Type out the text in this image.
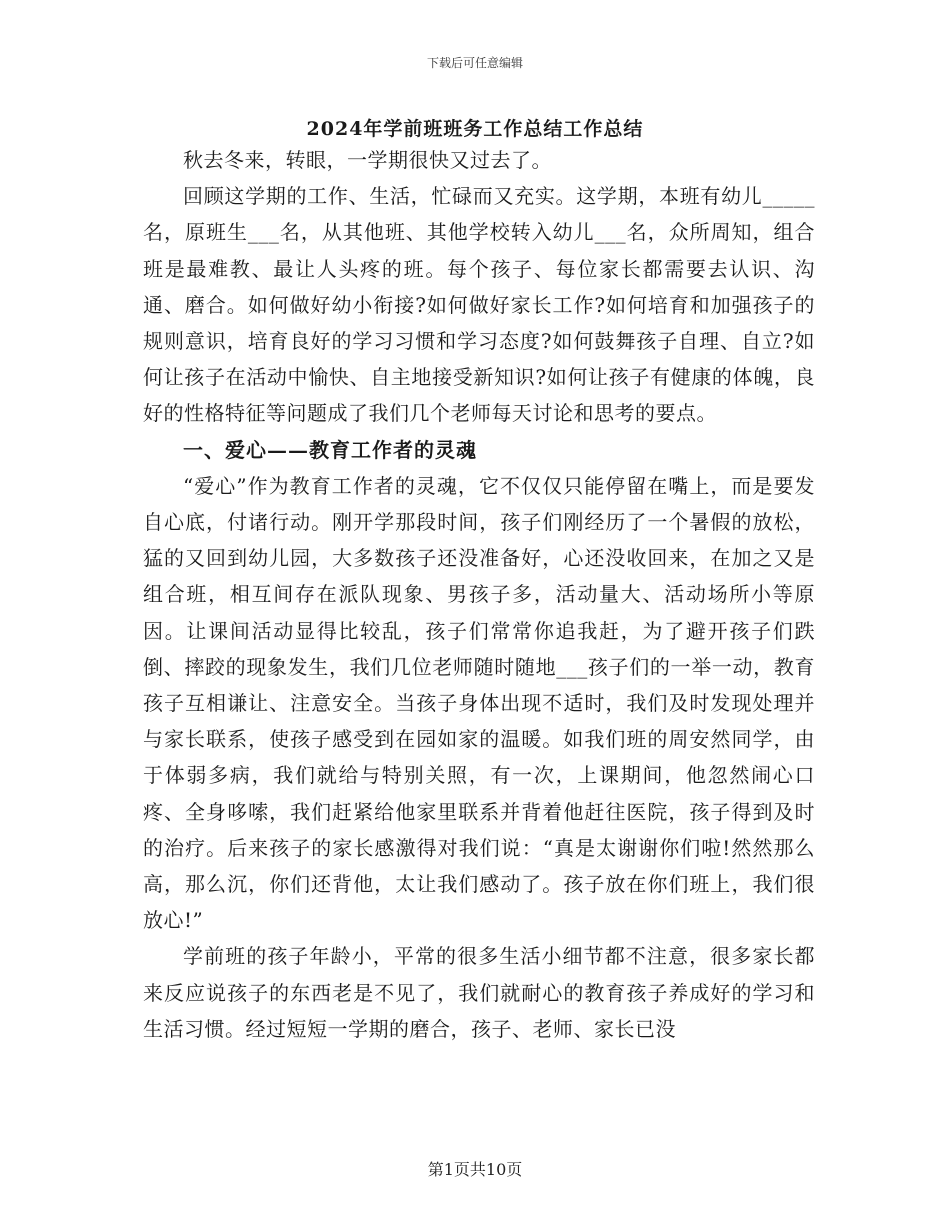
下载后可任意编辑
2024年学前班班务工作总结工作总结

秋去冬来，转眼，一学期很快又过去了。

回顾这学期的工作、生活，忙碌而又充实。这学期，本班有幼儿_____名，原班生___名，从其他班、其他学校转入幼儿___名，众所周知，组合班是最难教、最让人头疼的班。每个孩子、每位家长都需要去认识、沟通、磨合。如何做好幼小衔接?如何做好家长工作?如何培育和加强孩子的规则意识，培育良好的学习习惯和学习态度?如何鼓舞孩子自理、自立?如何让孩子在活动中愉快、自主地接受新知识?如何让孩子有健康的体魄，良好的性格特征等问题成了我们几个老师每天讨论和思考的要点。

一、爱心——教育工作者的灵魂

“爱心”作为教育工作者的灵魂，它不仅仅只能停留在嘴上，而是要发自心底，付诸行动。刚开学那段时间，孩子们刚经历了一个暑假的放松，猛的又回到幼儿园，大多数孩子还没准备好，心还没收回来，在加之又是组合班，相互间存在派队现象、男孩子多，活动量大、活动场所小等原因。让课间活动显得比较乱，孩子们常常你追我赶，为了避开孩子们跌倒、摔跤的现象发生，我们几位老师随时随地___孩子们的一举一动，教育孩子互相谦让、注意安全。当孩子身体出现不适时，我们及时发现处理并与家长联系，使孩子感受到在园如家的温暖。如我们班的周安然同学，由于体弱多病，我们就给与特别关照，有一次，上课期间，他忽然闹心口疼、全身哆嗦，我们赶紧给他家里联系并背着他赶往医院，孩子得到及时的治疗。后来孩子的家长感激得对我们说：“真是太谢谢你们啦!然然那么高，那么沉，你们还背他，太让我们感动了。孩子放在你们班上，我们很放心!”

学前班的孩子年龄小，平常的很多生活小细节都不注意，很多家长都来反应说孩子的东西老是不见了，我们就耐心的教育孩子养成好的学习和生活习惯。经过短短一学期的磨合，孩子、老师、家长已没

第1页共10页
